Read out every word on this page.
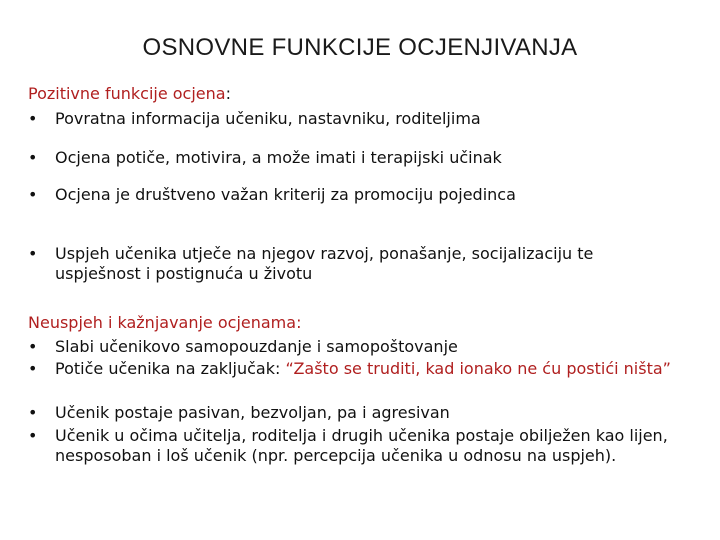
OSNOVNE FUNKCIJE OCJENJIVANJA
Pozitivne funkcije ocjena:
•	Povratna informacija učeniku, nastavniku, roditeljima
•	Ocjena potiče, motivira, a može imati i terapijski učinak
•	Ocjena je društveno važan kriterij za promociju pojedinca
•	Uspjeh učenika utječe na njegov razvoj, ponašanje, socijalizaciju te uspješnost i postignuća u životu
Neuspjeh i kažnjavanje ocjenama:
•	Slabi učenikovo samopouzdanje i samopoštovanje
•	Potiče učenika na zaključak: “Zašto se truditi, kad ionako ne ću postići ništa”
•	Učenik postaje pasivan, bezvoljan, pa i agresivan
•	Učenik u očima učitelja, roditelja i drugih učenika postaje obilježen kao lijen, nesposoban i loš učenik (npr. percepcija učenika u odnosu na uspjeh).
